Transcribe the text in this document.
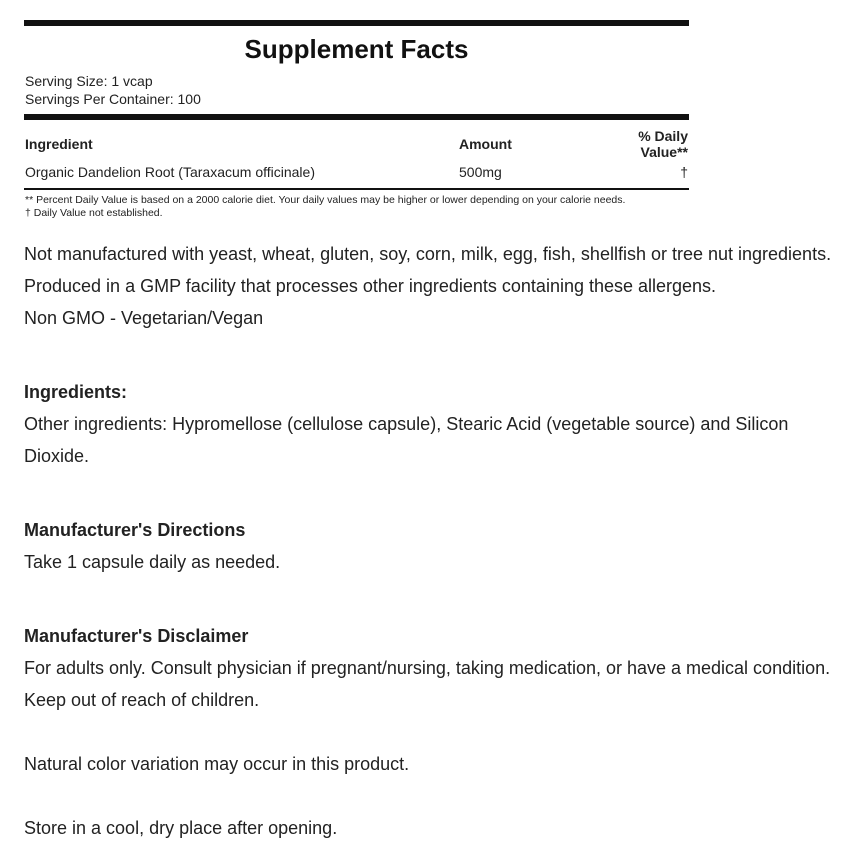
Supplement Facts
Serving Size: 1 vcap
Servings Per Container: 100
Ingredient	Amount	% Daily Value**
Organic Dandelion Root (Taraxacum officinale)	500mg	†
** Percent Daily Value is based on a 2000 calorie diet. Your daily values may be higher or lower depending on your calorie needs.
† Daily Value not established.

Not manufactured with yeast, wheat, gluten, soy, corn, milk, egg, fish, shellfish or tree nut ingredients.

Produced in a GMP facility that processes other ingredients containing these allergens.

Non GMO - Vegetarian/Vegan

Ingredients:

Other ingredients: Hypromellose (cellulose capsule), Stearic Acid (vegetable source) and Silicon Dioxide.

Manufacturer's Directions

Take 1 capsule daily as needed.

Manufacturer's Disclaimer

For adults only. Consult physician if pregnant/nursing, taking medication, or have a medical condition.

Keep out of reach of children.

Natural color variation may occur in this product.

Store in a cool, dry place after opening.
